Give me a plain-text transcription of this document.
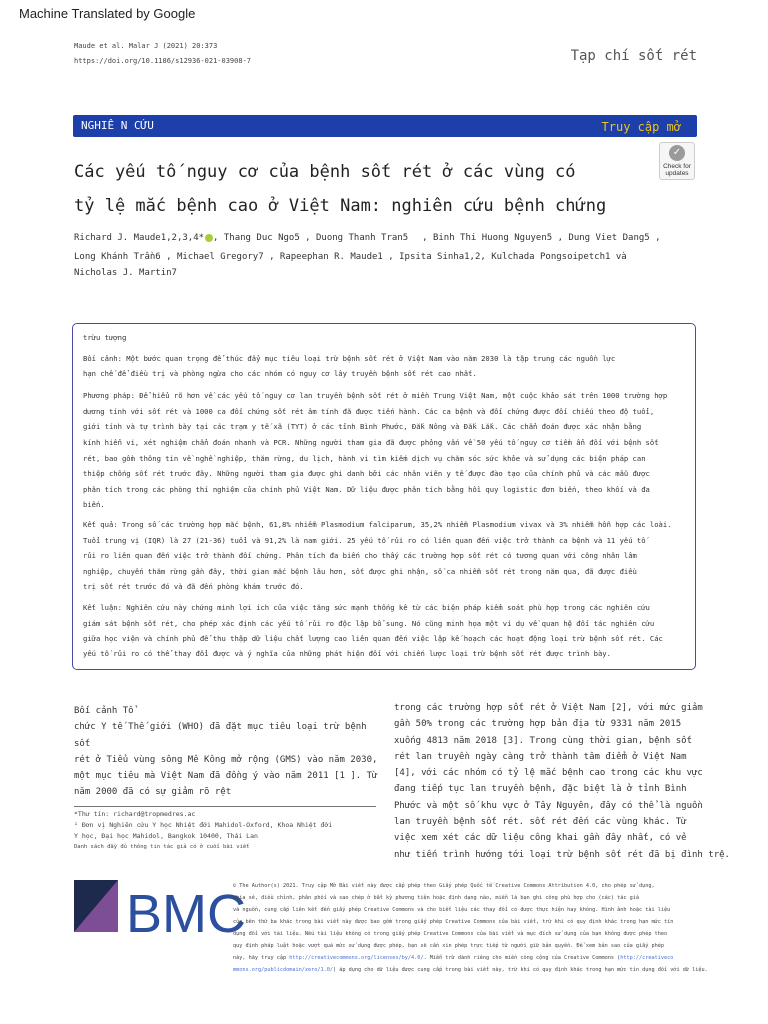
Machine Translated by Google
Maude et al. Malar J (2021) 20:373
https://doi.org/10.1186/s12936-021-03908-7	Tạp chí sốt rét
NGHIÊ N CỨU	Truy cập mở
✓
Check for updates
Các yếu tố nguy cơ của bệnh sốt rét ở các vùng có
tỷ lệ mắc bệnh cao ở Việt Nam: nghiên cứu bệnh chứng
Richard J. Maude1,2,3,4* , Thang Duc Ngo5 , Duong Thanh Tran5 , Binh Thi Huong Nguyen5 , Dung Viet Dang5 ,
Long Khánh Trần6 , Michael Gregory7 , Rapeephan R. Maude1 , Ipsita Sinha1,2, Kulchada Pongsoipetch1 và
Nicholas J. Martin7
trừu tượng
Bối cảnh: Một bước quan trọng để thúc đẩy mục tiêu loại trừ bệnh sốt rét ở Việt Nam vào năm 2030 là tập trung các nguồn lực
hạn chế để điều trị và phòng ngừa cho các nhóm có nguy cơ lây truyền bệnh sốt rét cao nhất.
Phương pháp: Để hiểu rõ hơn về các yếu tố nguy cơ lan truyền bệnh sốt rét ở miền Trung Việt Nam, một cuộc khảo sát trên 1000 trường hợp
dương tính với sốt rét và 1000 ca đối chứng sốt rét âm tính đã được tiến hành. Các ca bệnh và đối chứng được đối chiếu theo độ tuổi,
giới tính và tự trình bày tại các trạm y tế xã (TYT) ở các tỉnh Bình Phước, Đắk Nông và Đắk Lắk. Các chẩn đoán được xác nhận bằng
kính hiển vi, xét nghiệm chẩn đoán nhanh và PCR. Những người tham gia đã được phỏng vấn về 50 yếu tố nguy cơ tiềm ẩn đối với bệnh sốt
rét, bao gồm thông tin về nghề nghiệp, thăm rừng, du lịch, hành vi tìm kiếm dịch vụ chăm sóc sức khỏe và sử dụng các biện pháp can
thiệp chống sốt rét trước đây. Những người tham gia được ghi danh bởi các nhân viên y tế được đào tạo của chính phủ và các mẫu được
phân tích trong các phòng thí nghiệm của chính phủ Việt Nam. Dữ liệu được phân tích bằng hồi quy logistic đơn biến, theo khối và đa
biến.
Kết quả: Trong số các trường hợp mắc bệnh, 61,8% nhiễm Plasmodium falciparum, 35,2% nhiễm Plasmodium vivax và 3% nhiễm hỗn hợp các loài.
Tuổi trung vị (IQR) là 27 (21-36) tuổi và 91,2% là nam giới. 25 yếu tố rủi ro có liên quan đến việc trở thành ca bệnh và 11 yếu tố
rủi ro liên quan đến việc trở thành đối chứng. Phân tích đa biến cho thấy các trường hợp sốt rét có tương quan với công nhân lâm
nghiệp, chuyến thăm rừng gần đây, thời gian mắc bệnh lâu hơn, sốt được ghi nhận, số ca nhiễm sốt rét trong năm qua, đã được điều
trị sốt rét trước đó và đã đến phòng khám trước đó.
Kết luận: Nghiên cứu này chứng minh lợi ích của việc tăng sức mạnh thống kê từ các biện pháp kiểm soát phù hợp trong các nghiên cứu
giám sát bệnh sốt rét, cho phép xác định các yếu tố rủi ro độc lập bổ sung. Nó cũng minh họa một ví dụ về quan hệ đối tác nghiên cứu
giữa học viện và chính phủ để thu thập dữ liệu chất lượng cao liên quan đến việc lập kế hoạch các hoạt động loại trừ bệnh sốt rét. Các
yếu tố rủi ro có thể thay đổi được và ý nghĩa của những phát hiện đối với chiến lược loại trừ bệnh sốt rét được trình bày.
Bối cảnh Tổ
chức Y tế Thế giới (WHO) đã đặt mục tiêu loại trừ bệnh sốt
rét ở Tiểu vùng sông Mê Kông mở rộng (GMS) vào năm 2030,
một mục tiêu mà Việt Nam đã đồng ý vào năm 2011 [1 ]. Từ
năm 2000 đã có sự giảm rõ rệt
trong các trường hợp sốt rét ở Việt Nam [2], với mức giảm
gần 50% trong các trường hợp bản địa từ 9331 năm 2015
xuống 4813 năm 2018 [3]. Trong cùng thời gian, bệnh sốt
rét lan truyền ngày càng trở thành tâm điểm ở Việt Nam
[4], với các nhóm có tỷ lệ mắc bệnh cao trong các khu vực
đang tiếp tục lan truyền bệnh, đặc biệt là ở tỉnh Bình
Phước và một số khu vực ở Tây Nguyên, đây có thể là nguồn
lan truyền bệnh sốt rét. sốt rét đến các vùng khác. Từ
việc xem xét các dữ liệu công khai gần đây nhất, có vẻ
như tiến trình hướng tới loại trừ bệnh sốt rét đã bị đình trệ.
*Thư tín: richard@tropmedres.ac
¹ Đơn vị Nghiên cứu Y học Nhiệt đới Mahidol-Oxford, Khoa Nhiệt đới
Y học, Đại học Mahidol, Bangkok 10400, Thái Lan
Danh sách đầy đủ thông tin tác giả có ở cuối bài viết
BMC
© The Author(s) 2021. Truy cập Mở Bài viết này được cấp phép theo Giấy phép Quốc tế Creative Commons Attribution 4.0, cho phép sử dụng,
chia sẻ, điều chỉnh, phân phối và sao chép ở bất kỳ phương tiện hoặc định dạng nào, miễn là bạn ghi công phù hợp cho (các) tác giả
và nguồn, cung cấp liên kết đến giấy phép Creative Commons và cho biết liệu các thay đổi có được thực hiện hay không. Hình ảnh hoặc tài liệu
của bên thứ ba khác trong bài viết này được bao gồm trong giấy phép Creative Commons của bài viết, trừ khi có quy định khác trong hạn mức tín
dụng đối với tài liệu. Nếu tài liệu không có trong giấy phép Creative Commons của bài viết và mục đích sử dụng của bạn không được phép theo
quy định pháp luật hoặc vượt quá mức sử dụng được phép, bạn sẽ cần xin phép trực tiếp từ người giữ bản quyền. Để xem bản sao của giấy phép
này, hãy truy cập http://creativecommons.org/licenses/by/4.0/. Miễn trừ dành riêng cho miền công cộng của Creative Commons (http://creativeco
mmons.org/publicdomain/zero/1.0/) áp dụng cho dữ liệu được cung cấp trong bài viết này, trừ khi có quy định khác trong hạn mức tín dụng đối với dữ liệu.
